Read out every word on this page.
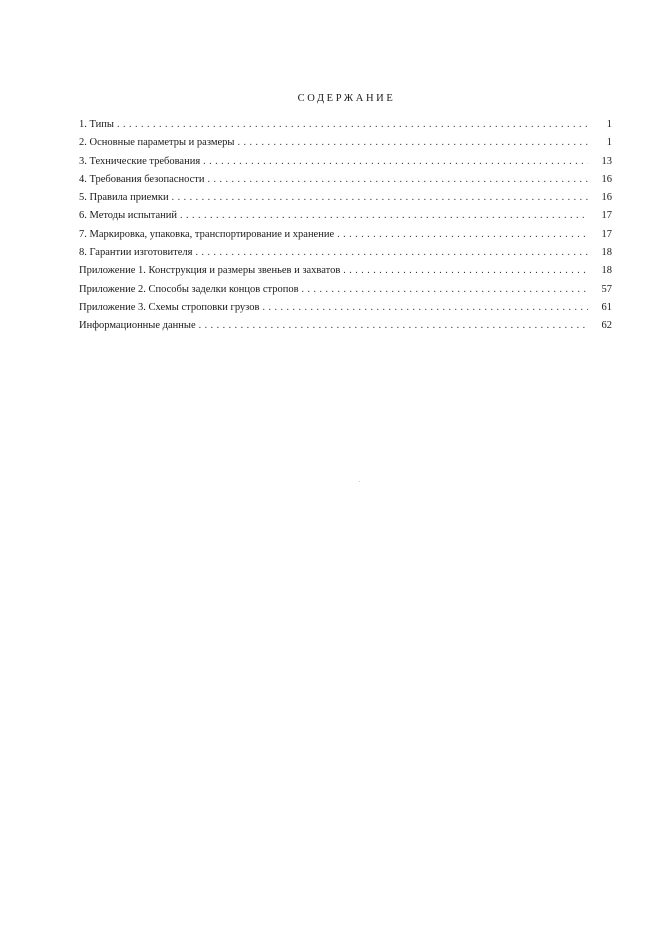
СОДЕРЖАНИЕ
1. Типы . . .	1
2. Основные параметры и размеры . . .	1
3. Технические требования . . .	13
4. Требования безопасности . . .	16
5. Правила приемки . . .	16
6. Методы испытаний . . .	17
7. Маркировка, упаковка, транспортирование и хранение . . .	17
8. Гарантии изготовителя . . .	18
Приложение 1. Конструкция и размеры звеньев и захватов . . .	18
Приложение 2. Способы заделки концов стропов . . .	57
Приложение 3. Схемы строповки грузов . . .	61
Информационные данные . . .	62
